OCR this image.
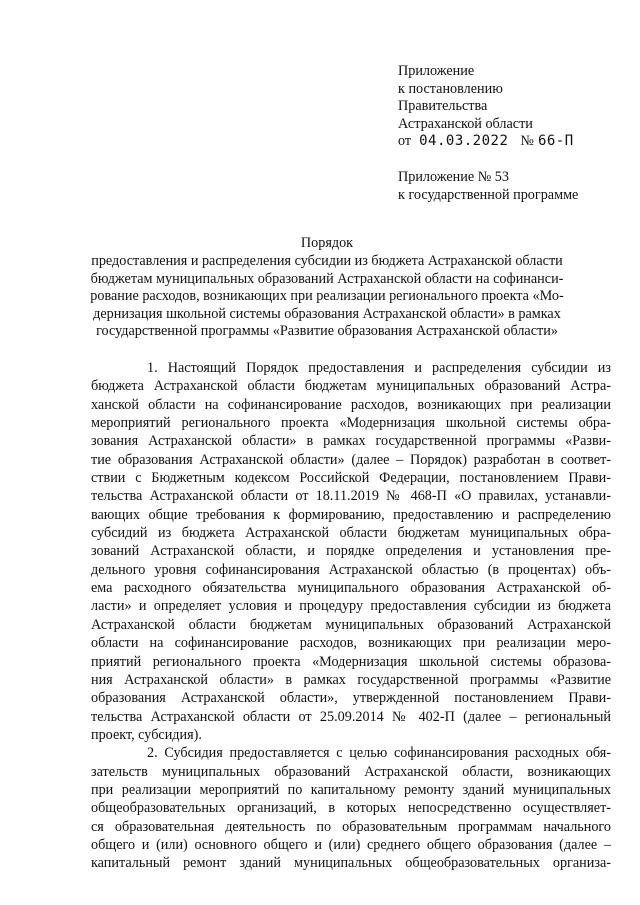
Приложение
к постановлению
Правительства
Астраханской области
от 04.03.2022 № 66-П
Приложение № 53
к государственной программе
Порядок
предоставления и распределения субсидии из бюджета Астраханской области
бюджетам муниципальных образований Астраханской области на софинанси-
рование расходов, возникающих при реализации регионального проекта «Мо-
дернизация школьной системы образования Астраханской области» в рамках
государственной программы «Развитие образования Астраханской области»
1. Настоящий Порядок предоставления и распределения субсидии из
бюджета Астраханской области бюджетам муниципальных образований Астра-
ханской области на софинансирование расходов, возникающих при реализации
мероприятий регионального проекта «Модернизация школьной системы обра-
зования Астраханской области» в рамках государственной программы «Разви-
тие образования Астраханской области» (далее – Порядок) разработан в соответ-
ствии с Бюджетным кодексом Российской Федерации, постановлением Прави-
тельства Астраханской области от 18.11.2019 № 468-П «О правилах, устанавли-
вающих общие требования к формированию, предоставлению и распределению
субсидий из бюджета Астраханской области бюджетам муниципальных обра-
зований Астраханской области, и порядке определения и установления пре-
дельного уровня софинансирования Астраханской областью (в процентах) объ-
ема расходного обязательства муниципального образования Астраханской об-
ласти» и определяет условия и процедуру предоставления субсидии из бюджета
Астраханской области бюджетам муниципальных образований Астраханской
области на софинансирование расходов, возникающих при реализации меро-
приятий регионального проекта «Модернизация школьной системы образова-
ния Астраханской области» в рамках государственной программы «Развитие
образования Астраханской области», утвержденной постановлением Прави-
тельства Астраханской области от 25.09.2014 № 402-П (далее – региональный
проект, субсидия).
2. Субсидия предоставляется с целью софинансирования расходных обя-
зательств муниципальных образований Астраханской области, возникающих
при реализации мероприятий по капитальному ремонту зданий муниципальных
общеобразовательных организаций, в которых непосредственно осуществляет-
ся образовательная деятельность по образовательным программам начального
общего и (или) основного общего и (или) среднего общего образования (далее –
капитальный ремонт зданий муниципальных общеобразовательных организа-
